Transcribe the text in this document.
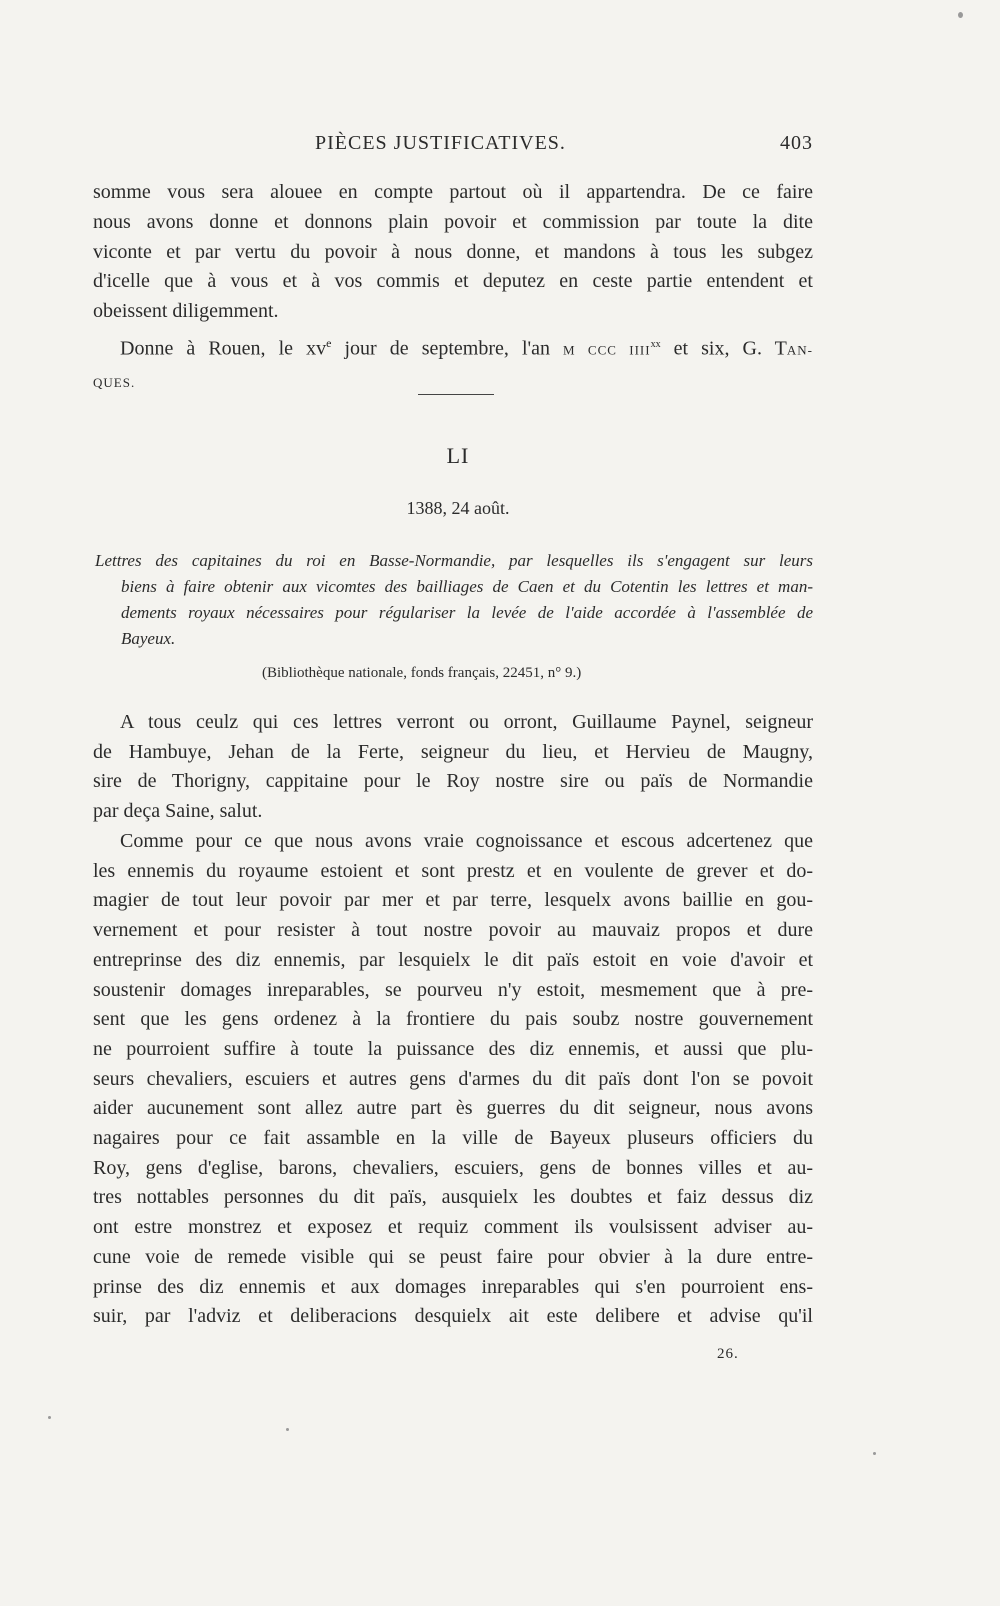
PIÈCES JUSTIFICATIVES.	403
somme vous sera alouee en compte partout où il appartendra. De ce faire
nous avons donne et donnons plain povoir et commission par toute la dite
viconte et par vertu du povoir à nous donne, et mandons à tous les subgez
d'icelle que à vous et à vos commis et deputez en ceste partie entendent et
obeissent diligemment.
Donne à Rouen, le $xv^e$ jour de septembre, l'an M CCC IIII$^{xx}$ et six, G. TAN-
QUES.
LI
1388, 24 août.
Lettres des capitaines du roi en Basse-Normandie, par lesquelles ils s'engagent sur leurs
biens à faire obtenir aux vicomtes des bailliages de Caen et du Cotentin les lettres et man-
dements royaux nécessaires pour régulariser la levée de l'aide accordée à l'assemblée de
Bayeux.
(Bibliothèque nationale, fonds français, 22451, n° 9.)
A tous ceulz qui ces lettres verront ou orront, Guillaume Paynel, seigneur
de Hambuye, Jehan de la Ferte, seigneur du lieu, et Hervieu de Maugny,
sire de Thorigny, cappitaine pour le Roy nostre sire ou païs de Normandie
par deça Saine, salut.
Comme pour ce que nous avons vraie cognoissance et escous adcertenez que
les ennemis du royaume estoient et sont prestz et en voulente de grever et do-
magier de tout leur povoir par mer et par terre, lesquelx avons baillie en gou-
vernement et pour resister à tout nostre povoir au mauvaiz propos et dure
entreprinse des diz ennemis, par lesquielx le dit païs estoit en voie d'avoir et
soustenir domages inreparables, se pourveu n'y estoit, mesmement que à pre-
sent que les gens ordenez à la frontiere du pais soubz nostre gouvernement
ne pourroient suffire à toute la puissance des diz ennemis, et aussi que plu-
seurs chevaliers, escuiers et autres gens d'armes du dit païs dont l'on se povoit
aider aucunement sont allez autre part ès guerres du dit seigneur, nous avons
nagaires pour ce fait assamble en la ville de Bayeux pluseurs officiers du
Roy, gens d'eglise, barons, chevaliers, escuiers, gens de bonnes villes et au-
tres nottables personnes du dit païs, ausquielx les doubtes et faiz dessus diz
ont estre monstrez et exposez et requiz comment ils voulsissent adviser au-
cune voie de remede visible qui se peust faire pour obvier à la dure entre-
prinse des diz ennemis et aux domages inreparables qui s'en pourroient ens-
suir, par l'adviz et deliberacions desquielx ait este delibere et advise qu'il
26.
